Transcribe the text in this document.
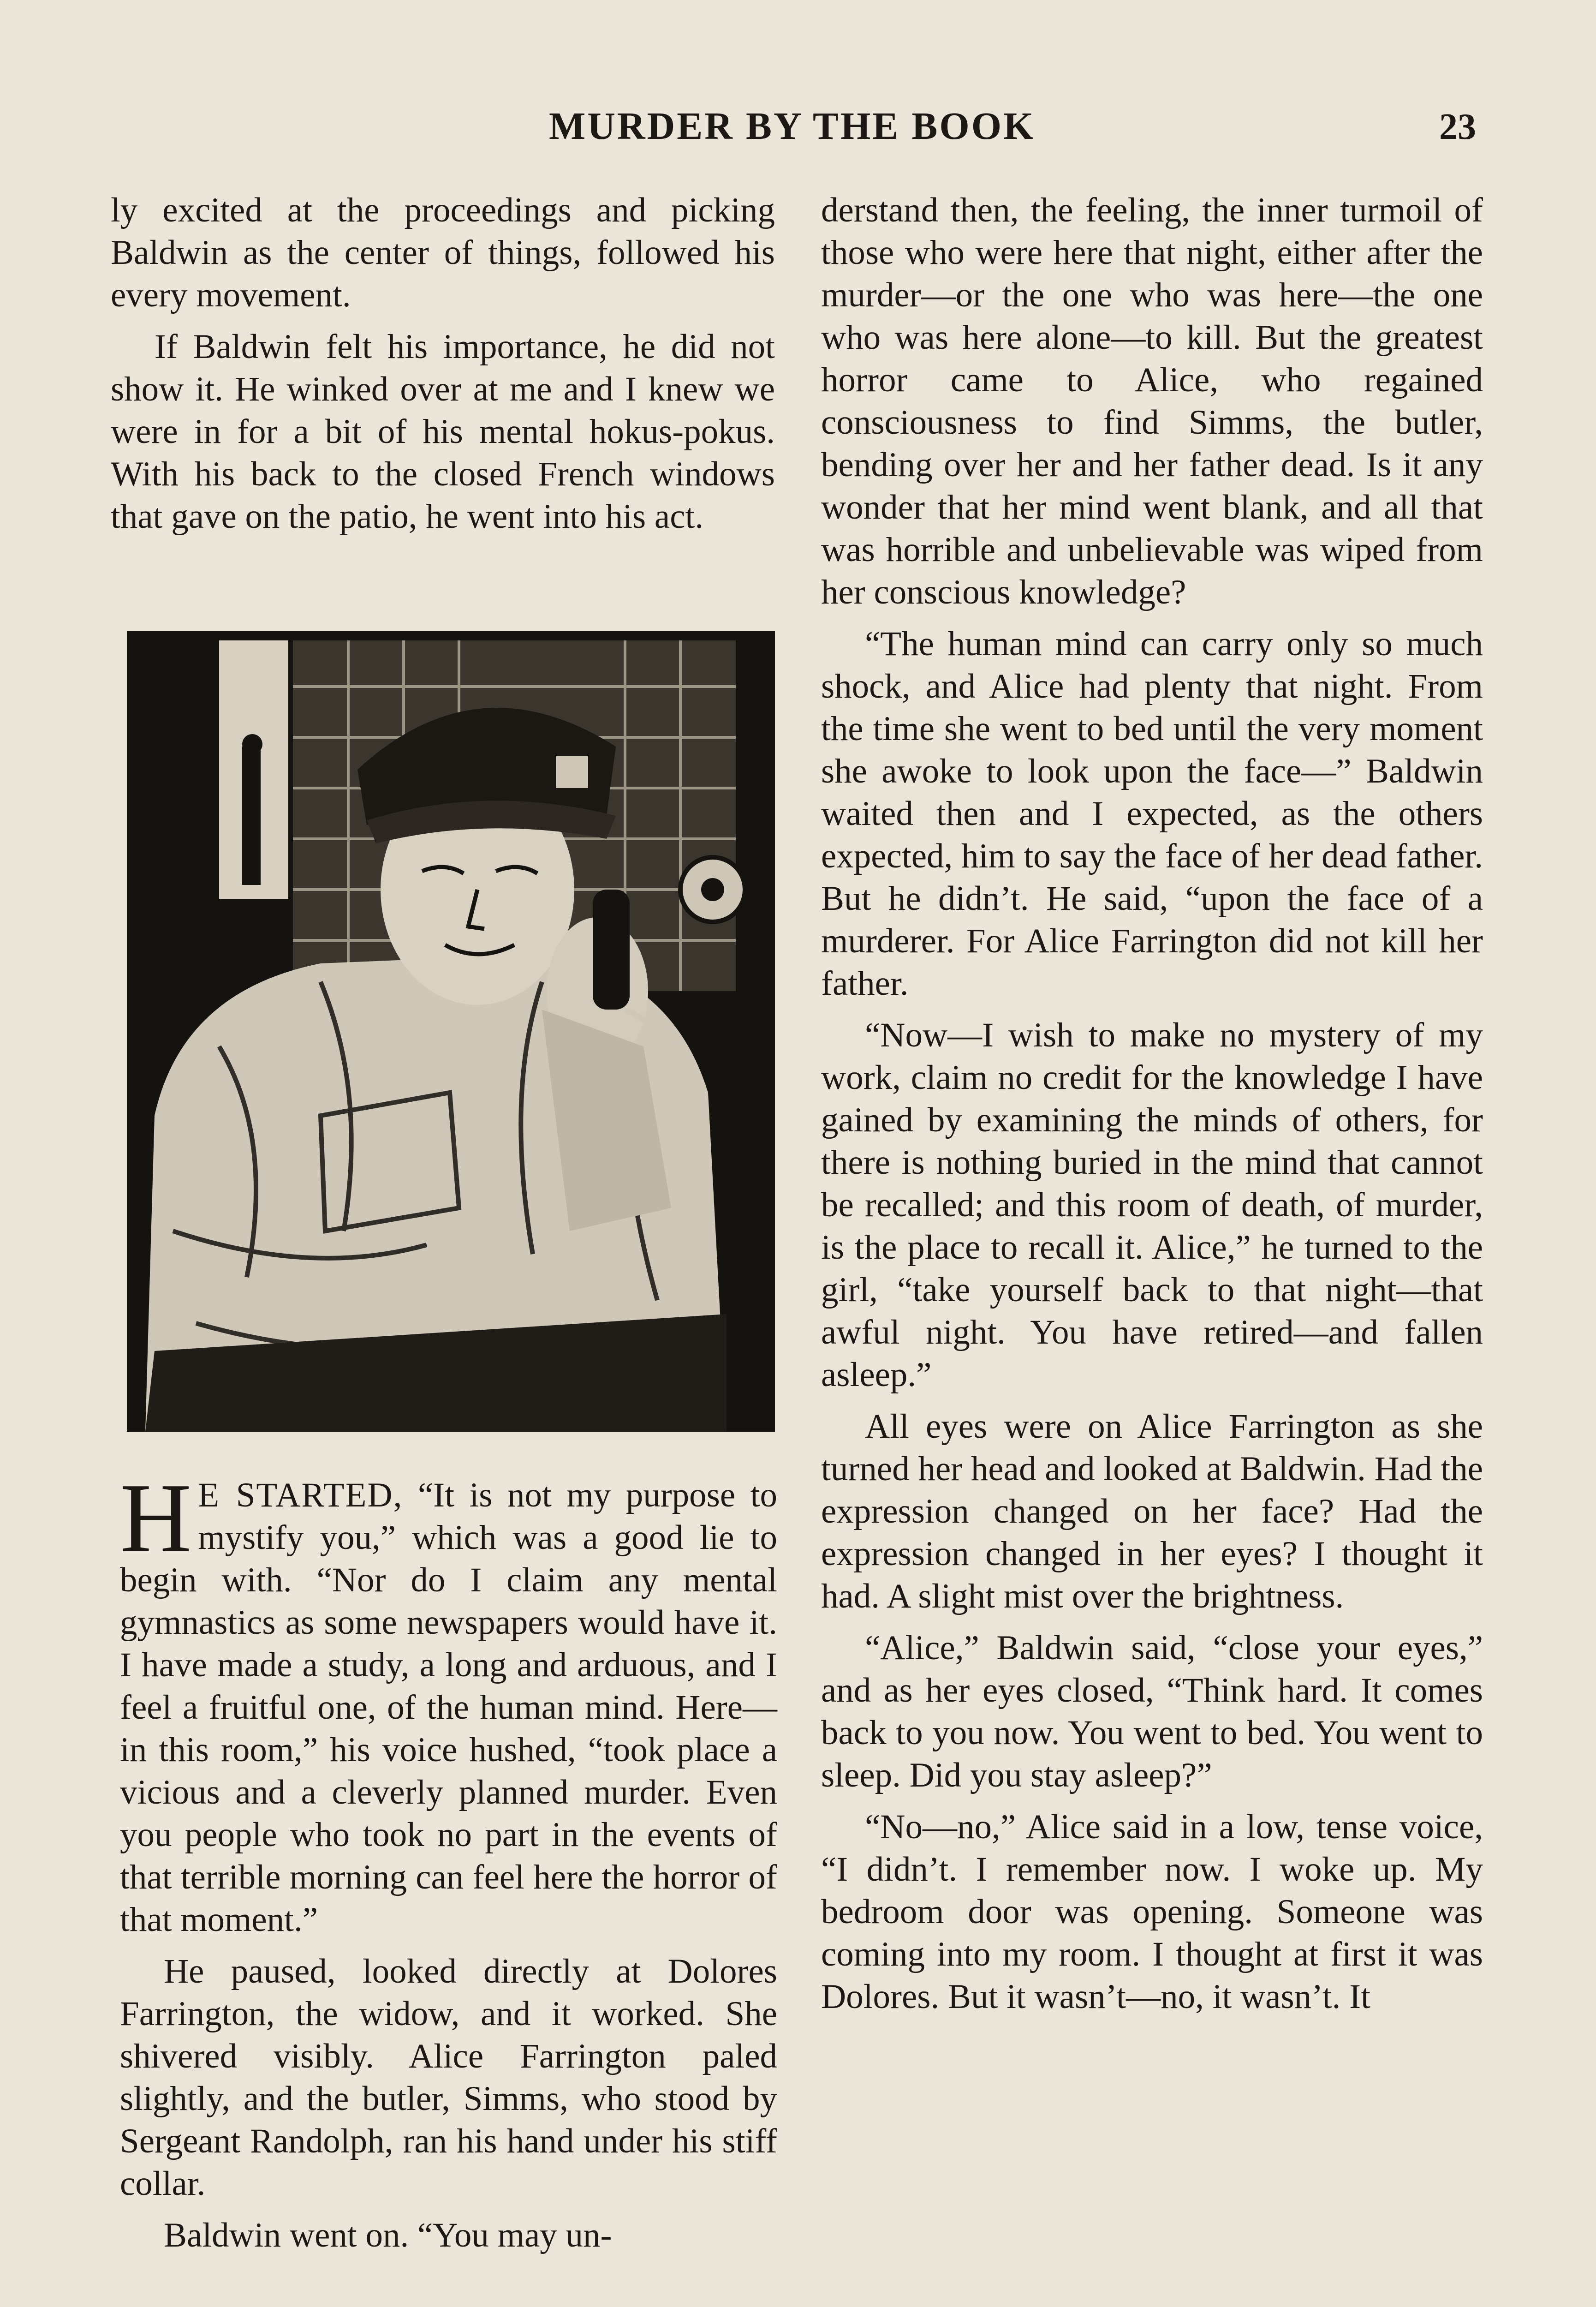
MURDER BY THE BOOK	23

ly excited at the proceedings and picking Baldwin as the center of things, followed his every movement.

If Baldwin felt his importance, he did not show it. He winked over at me and I knew we were in for a bit of his mental hokus-pokus. With his back to the closed French windows that gave on the patio, he went into his act.

H E STARTED, “It is not my purpose to mystify you,” which was a good lie to begin with. “Nor do I claim any mental gymnastics as some newspapers would have it. I have made a study, a long and arduous, and I feel a fruitful one, of the human mind. Here—in this room,” his voice hushed, “took place a vicious and a cleverly planned murder. Even you people who took no part in the events of that terrible morning can feel here the horror of that moment.”

He paused, looked directly at Dolores Farrington, the widow, and it worked. She shivered visibly. Alice Farrington paled slightly, and the butler, Simms, who stood by Sergeant Randolph, ran his hand under his stiff collar.

Baldwin went on. “You may un-

derstand then, the feeling, the inner turmoil of those who were here that night, either after the murder—or the one who was here—the one who was here alone—to kill. But the greatest horror came to Alice, who regained consciousness to find Simms, the butler, bending over her and her father dead. Is it any wonder that her mind went blank, and all that was horrible and unbelievable was wiped from her conscious knowledge?

“The human mind can carry only so much shock, and Alice had plenty that night. From the time she went to bed until the very moment she awoke to look upon the face—” Baldwin waited then and I expected, as the others expected, him to say the face of her dead father. But he didn’t. He said, “upon the face of a murderer. For Alice Farrington did not kill her father.

“Now—I wish to make no mystery of my work, claim no credit for the knowledge I have gained by examining the minds of others, for there is nothing buried in the mind that cannot be recalled; and this room of death, of murder, is the place to recall it. Alice,” he turned to the girl, “take yourself back to that night—that awful night. You have retired—and fallen asleep.”

All eyes were on Alice Farrington as she turned her head and looked at Baldwin. Had the expression changed on her face? Had the expression changed in her eyes? I thought it had. A slight mist over the brightness.

“Alice,” Baldwin said, “close your eyes,” and as her eyes closed, “Think hard. It comes back to you now. You went to bed. You went to sleep. Did you stay asleep?”

“No—no,” Alice said in a low, tense voice, “I didn’t. I remember now. I woke up. My bedroom door was opening. Someone was coming into my room. I thought at first it was Dolores. But it wasn’t—no, it wasn’t. It
